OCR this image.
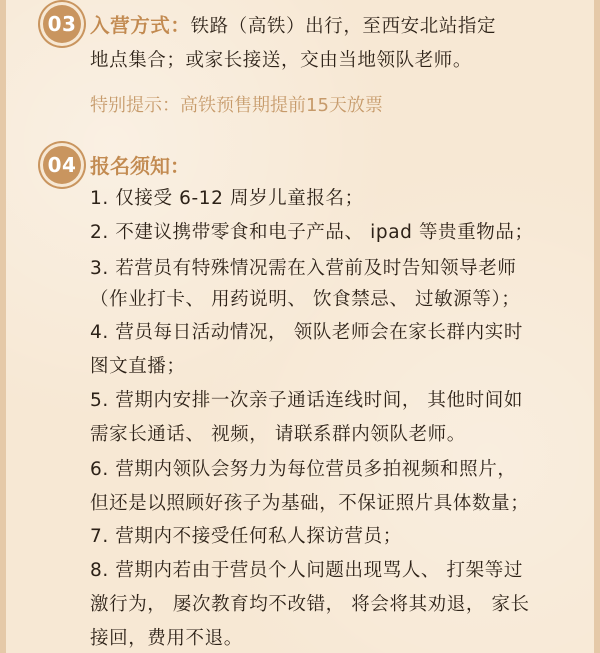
03 入营方式：铁路（高铁）出行，至西安北站指定
地点集合；或家长接送，交由当地领队老师。
特别提示：高铁预售期提前15天放票
04 报名须知：
1. 仅接受 6-12 周岁儿童报名；
2. 不建议携带零食和电子产品、 ipad 等贵重物品；
3. 若营员有特殊情况需在入营前及时告知领导老师
（作业打卡、 用药说明、 饮食禁忌、 过敏源等）；
4. 营员每日活动情况， 领队老师会在家长群内实时
图文直播；
5. 营期内安排一次亲子通话连线时间， 其他时间如
需家长通话、 视频， 请联系群内领队老师。
6. 营期内领队会努力为每位营员多拍视频和照片，
但还是以照顾好孩子为基础，不保证照片具体数量；
7. 营期内不接受任何私人探访营员；
8. 营期内若由于营员个人问题出现骂人、 打架等过
激行为， 屡次教育均不改错， 将会将其劝退， 家长
接回，费用不退。
